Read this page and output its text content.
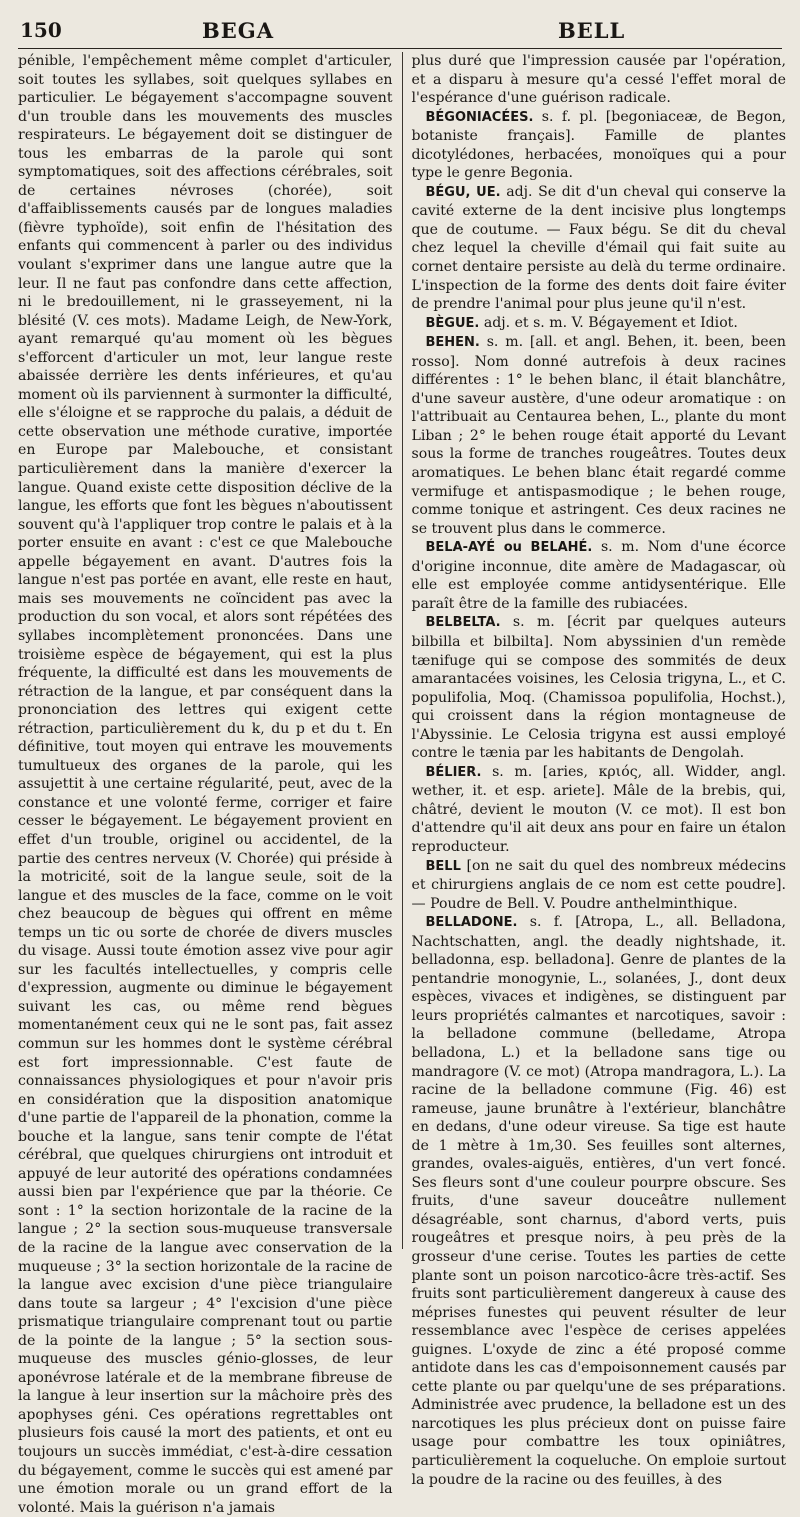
150	BEGA	BELL

pénible, l'empêchement même complet d'articuler, soit toutes les syllabes, soit quelques syllabes en particulier. Le bégayement s'accompagne souvent d'un trouble dans les mouvements des muscles respirateurs. Le bégayement doit se distinguer de tous les embarras de la parole qui sont symptomatiques, soit des affections cérébrales, soit de certaines névroses (chorée), soit d'affaiblissements causés par de longues maladies (fièvre typhoïde), soit enfin de l'hésitation des enfants qui commencent à parler ou des individus voulant s'exprimer dans une langue autre que la leur. Il ne faut pas confondre dans cette affection, ni le bredouillement, ni le grasseyement, ni la blésité (V. ces mots). Madame Leigh, de New-York, ayant remarqué qu'au moment où les bègues s'efforcent d'articuler un mot, leur langue reste abaissée derrière les dents inférieures, et qu'au moment où ils parviennent à surmonter la difficulté, elle s'éloigne et se rapproche du palais, a déduit de cette observation une méthode curative, importée en Europe par Malebouche, et consistant particulièrement dans la manière d'exercer la langue. Quand existe cette disposition déclive de la langue, les efforts que font les bègues n'aboutissent souvent qu'à l'appliquer trop contre le palais et à la porter ensuite en avant : c'est ce que Malebouche appelle bégayement en avant. D'autres fois la langue n'est pas portée en avant, elle reste en haut, mais ses mouvements ne coïncident pas avec la production du son vocal, et alors sont répétées des syllabes incomplètement prononcées. Dans une troisième espèce de bégayement, qui est la plus fréquente, la difficulté est dans les mouvements de rétraction de la langue, et par conséquent dans la prononciation des lettres qui exigent cette rétraction, particulièrement du k, du p et du t. En définitive, tout moyen qui entrave les mouvements tumultueux des organes de la parole, qui les assujettit à une certaine régularité, peut, avec de la constance et une volonté ferme, corriger et faire cesser le bégayement. Le bégayement provient en effet d'un trouble, originel ou accidentel, de la partie des centres nerveux (V. Chorée) qui préside à la motricité, soit de la langue seule, soit de la langue et des muscles de la face, comme on le voit chez beaucoup de bègues qui offrent en même temps un tic ou sorte de chorée de divers muscles du visage. Aussi toute émotion assez vive pour agir sur les facultés intellectuelles, y compris celle d'expression, augmente ou diminue le bégayement suivant les cas, ou même rend bègues momentanément ceux qui ne le sont pas, fait assez commun sur les hommes dont le système cérébral est fort impressionnable. C'est faute de connaissances physiologiques et pour n'avoir pris en considération que la disposition anatomique d'une partie de l'appareil de la phonation, comme la bouche et la langue, sans tenir compte de l'état cérébral, que quelques chirurgiens ont introduit et appuyé de leur autorité des opérations condamnées aussi bien par l'expérience que par la théorie. Ce sont : 1° la section horizontale de la racine de la langue ; 2° la section sous-muqueuse transversale de la racine de la langue avec conservation de la muqueuse ; 3° la section horizontale de la racine de la langue avec excision d'une pièce triangulaire dans toute sa largeur ; 4° l'excision d'une pièce prismatique triangulaire comprenant tout ou partie de la pointe de la langue ; 5° la section sous-muqueuse des muscles génio-glosses, de leur aponévrose latérale et de la membrane fibreuse de la langue à leur insertion sur la mâchoire près des apophyses géni. Ces opérations regrettables ont plusieurs fois causé la mort des patients, et ont eu toujours un succès immédiat, c'est-à-dire cessation du bégayement, comme le succès qui est amené par une émotion morale ou un grand effort de la volonté. Mais la guérison n'a jamais

plus duré que l'impression causée par l'opération, et a disparu à mesure qu'a cessé l'effet moral de l'espérance d'une guérison radicale.

BÉGONIACÉES. s. f. pl. [begoniaceæ, de Begon, botaniste français]. Famille de plantes dicotylédones, herbacées, monoïques qui a pour type le genre Begonia.

BÉGU, UE. adj. Se dit d'un cheval qui conserve la cavité externe de la dent incisive plus longtemps que de coutume. — Faux bégu. Se dit du cheval chez lequel la cheville d'émail qui fait suite au cornet dentaire persiste au delà du terme ordinaire. L'inspection de la forme des dents doit faire éviter de prendre l'animal pour plus jeune qu'il n'est.

BÈGUE. adj. et s. m. V. Bégayement et Idiot.

BEHEN. s. m. [all. et angl. Behen, it. been, been rosso]. Nom donné autrefois à deux racines différentes : 1° le behen blanc, il était blanchâtre, d'une saveur austère, d'une odeur aromatique : on l'attribuait au Centaurea behen, L., plante du mont Liban ; 2° le behen rouge était apporté du Levant sous la forme de tranches rougeâtres. Toutes deux aromatiques. Le behen blanc était regardé comme vermifuge et antispasmodique ; le behen rouge, comme tonique et astringent. Ces deux racines ne se trouvent plus dans le commerce.

BELA-AYÉ ou BELAHÉ. s. m. Nom d'une écorce d'origine inconnue, dite amère de Madagascar, où elle est employée comme antidysentérique. Elle paraît être de la famille des rubiacées.

BELBELTA. s. m. [écrit par quelques auteurs bilbilla et bilbilta]. Nom abyssinien d'un remède tænifuge qui se compose des sommités de deux amarantacées voisines, les Celosia trigyna, L., et C. populifolia, Moq. (Chamissoa populifolia, Hochst.), qui croissent dans la région montagneuse de l'Abyssinie. Le Celosia trigyna est aussi employé contre le tænia par les habitants de Dengolah.

BÉLIER. s. m. [aries, κριός, all. Widder, angl. wether, it. et esp. ariete]. Mâle de la brebis, qui, châtré, devient le mouton (V. ce mot). Il est bon d'attendre qu'il ait deux ans pour en faire un étalon reproducteur.

BELL [on ne sait du quel des nombreux médecins et chirurgiens anglais de ce nom est cette poudre]. — Poudre de Bell. V. Poudre anthelminthique.

BELLADONE. s. f. [Atropa, L., all. Belladona, Nachtschatten, angl. the deadly nightshade, it. belladonna, esp. belladona]. Genre de plantes de la pentandrie monogynie, L., solanées, J., dont deux espèces, vivaces et indigènes, se distinguent par leurs propriétés calmantes et narcotiques, savoir : la belladone commune (belledame, Atropa belladona, L.) et la belladone sans tige ou mandragore (V. ce mot) (Atropa mandragora, L.). La racine de la belladone commune (Fig. 46) est rameuse, jaune brunâtre à l'extérieur, blanchâtre en dedans, d'une odeur vireuse. Sa tige est haute de 1 mètre à 1m,30. Ses feuilles sont alternes, grandes, ovales-aiguës, entières, d'un vert foncé. Ses fleurs sont d'une couleur pourpre obscure. Ses fruits, d'une saveur douceâtre nullement désagréable, sont charnus, d'abord verts, puis rougeâtres et presque noirs, à peu près de la grosseur d'une cerise. Toutes les parties de cette plante sont un poison narcotico-âcre très-actif. Ses fruits sont particulièrement dangereux à cause des méprises funestes qui peuvent résulter de leur ressemblance avec l'espèce de cerises appelées guignes. L'oxyde de zinc a été proposé comme antidote dans les cas d'empoisonnement causés par cette plante ou par quelqu'une de ses préparations. Administrée avec prudence, la belladone est un des narcotiques les plus précieux dont on puisse faire usage pour combattre les toux opiniâtres, particulièrement la coqueluche. On emploie surtout la poudre de la racine ou des feuilles, à des
